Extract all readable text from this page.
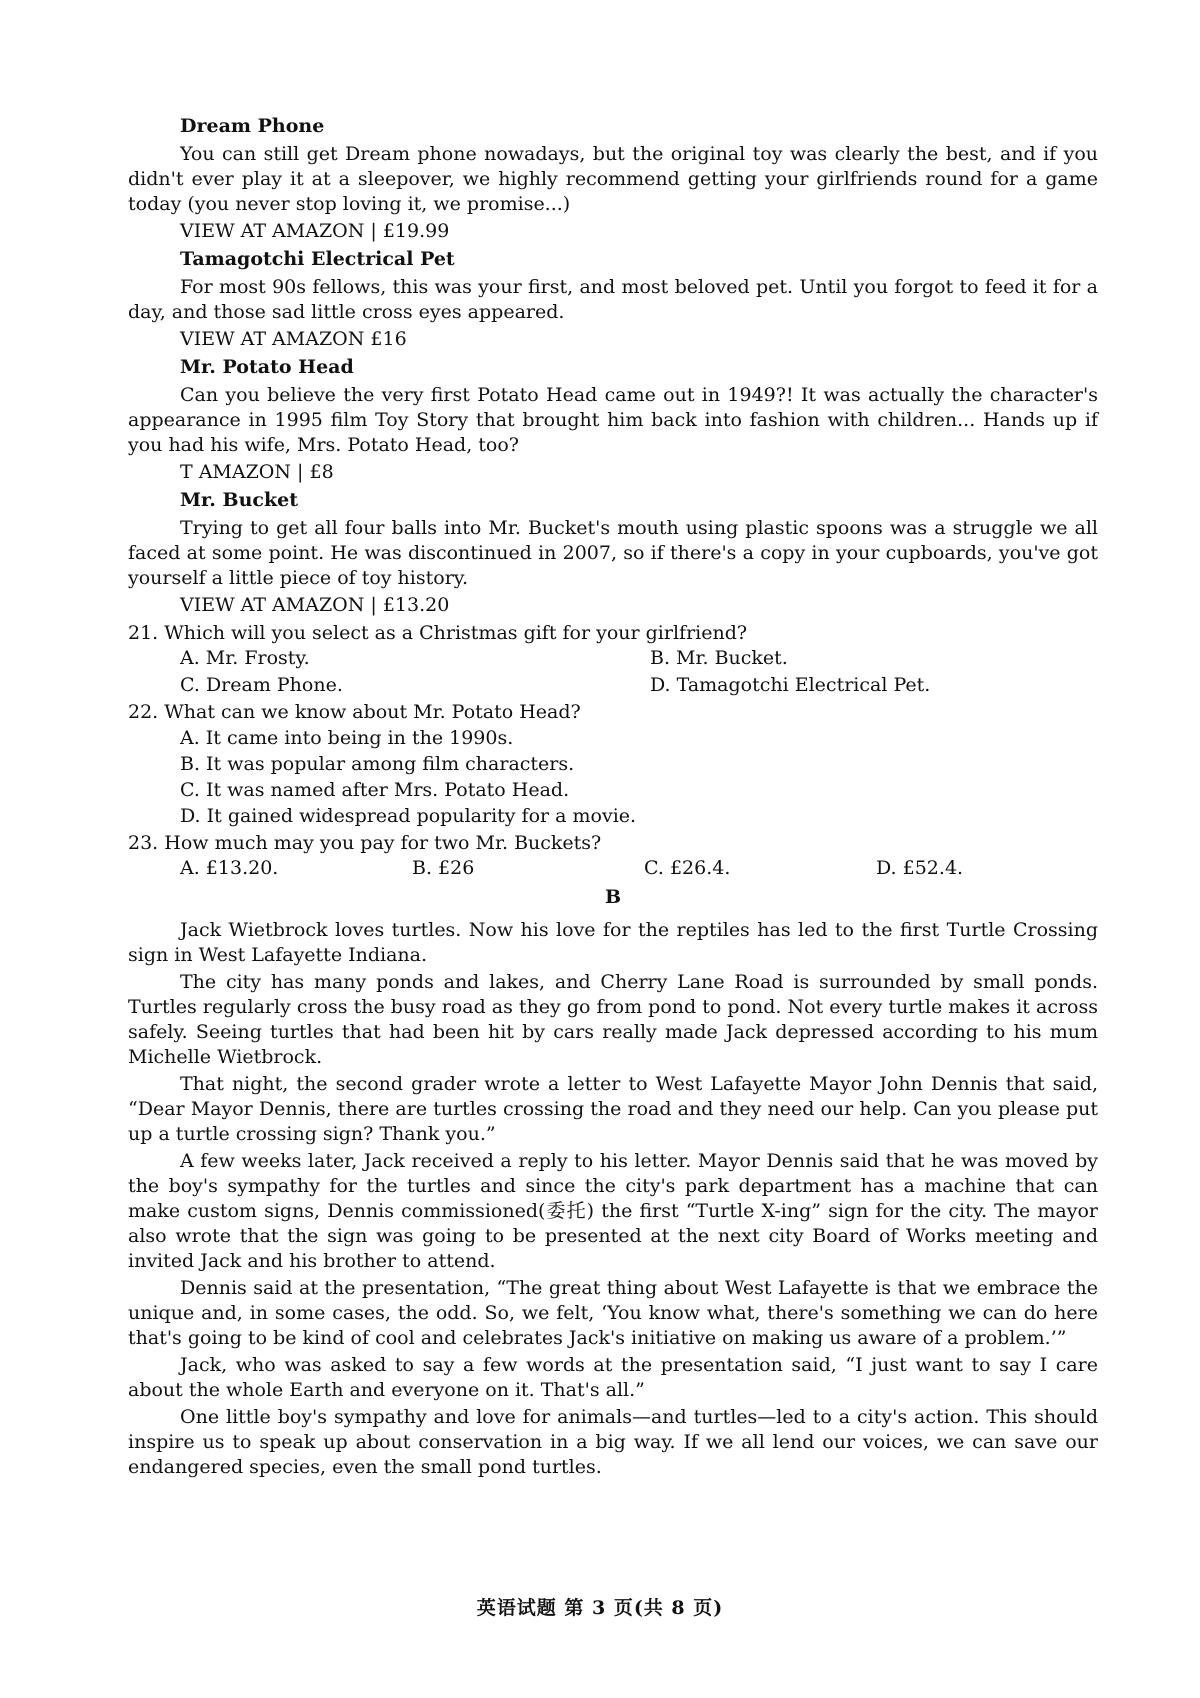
Dream Phone

You can still get Dream phone nowadays, but the original toy was clearly the best, and if you didn't ever play it at a sleepover, we highly recommend getting your girlfriends round for a game today (you never stop loving it, we promise...)

VIEW AT AMAZON | £19.99
Tamagotchi Electrical Pet

For most 90s fellows, this was your first, and most beloved pet. Until you forgot to feed it for a day, and those sad little cross eyes appeared.

VIEW AT AMAZON £16
Mr. Potato Head

Can you believe the very first Potato Head came out in 1949?! It was actually the character's appearance in 1995 film Toy Story that brought him back into fashion with children... Hands up if you had his wife, Mrs. Potato Head, too?

T AMAZON | £8
Mr. Bucket

Trying to get all four balls into Mr. Bucket's mouth using plastic spoons was a struggle we all faced at some point. He was discontinued in 2007, so if there's a copy in your cupboards, you've got yourself a little piece of toy history.

VIEW AT AMAZON | £13.20
21. Which will you select as a Christmas gift for your girlfriend?
A. Mr. Frosty.	B. Mr. Bucket.
C. Dream Phone.	D. Tamagotchi Electrical Pet.
22. What can we know about Mr. Potato Head?
A. It came into being in the 1990s.
B. It was popular among film characters.
C. It was named after Mrs. Potato Head.
D. It gained widespread popularity for a movie.
23. How much may you pay for two Mr. Buckets?
A. £13.20.	B. £26	C. £26.4.	D. £52.4.
B

Jack Wietbrock loves turtles. Now his love for the reptiles has led to the first Turtle Crossing sign in West Lafayette Indiana.

The city has many ponds and lakes, and Cherry Lane Road is surrounded by small ponds. Turtles regularly cross the busy road as they go from pond to pond. Not every turtle makes it across safely. Seeing turtles that had been hit by cars really made Jack depressed according to his mum Michelle Wietbrock.

That night, the second grader wrote a letter to West Lafayette Mayor John Dennis that said, “Dear Mayor Dennis, there are turtles crossing the road and they need our help. Can you please put up a turtle crossing sign? Thank you.”

A few weeks later, Jack received a reply to his letter. Mayor Dennis said that he was moved by the boy's sympathy for the turtles and since the city's park department has a machine that can make custom signs, Dennis commissioned(委托) the first “Turtle X-ing” sign for the city. The mayor also wrote that the sign was going to be presented at the next city Board of Works meeting and invited Jack and his brother to attend.

Dennis said at the presentation, “The great thing about West Lafayette is that we embrace the unique and, in some cases, the odd. So, we felt, ‘You know what, there's something we can do here that's going to be kind of cool and celebrates Jack's initiative on making us aware of a problem.’”

Jack, who was asked to say a few words at the presentation said, “I just want to say I care about the whole Earth and everyone on it. That's all.”

One little boy's sympathy and love for animals—and turtles—led to a city's action. This should inspire us to speak up about conservation in a big way. If we all lend our voices, we can save our endangered species, even the small pond turtles.

英语试题 第 3 页(共 8 页)
